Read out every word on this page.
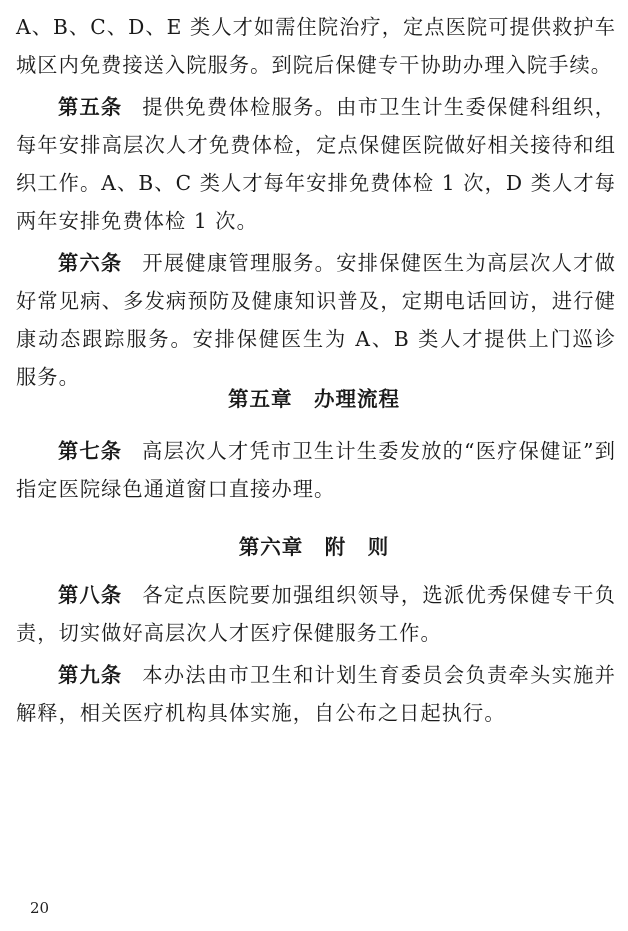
A、B、C、D、E 类人才如需住院治疗，定点医院可提供救护车城区内免费接送入院服务。到院后保健专干协助办理入院手续。

第五条 提供免费体检服务。由市卫生计生委保健科组织，每年安排高层次人才免费体检，定点保健医院做好相关接待和组织工作。A、B、C 类人才每年安排免费体检 1 次，D 类人才每两年安排免费体检 1 次。

第六条 开展健康管理服务。安排保健医生为高层次人才做好常见病、多发病预防及健康知识普及，定期电话回访，进行健康动态跟踪服务。安排保健医生为 A、B 类人才提供上门巡诊服务。

第五章　办理流程

第七条 高层次人才凭市卫生计生委发放的“医疗保健证”到指定医院绿色通道窗口直接办理。

第六章　附　则

第八条 各定点医院要加强组织领导，选派优秀保健专干负责，切实做好高层次人才医疗保健服务工作。

第九条 本办法由市卫生和计划生育委员会负责牵头实施并解释，相关医疗机构具体实施，自公布之日起执行。

20
